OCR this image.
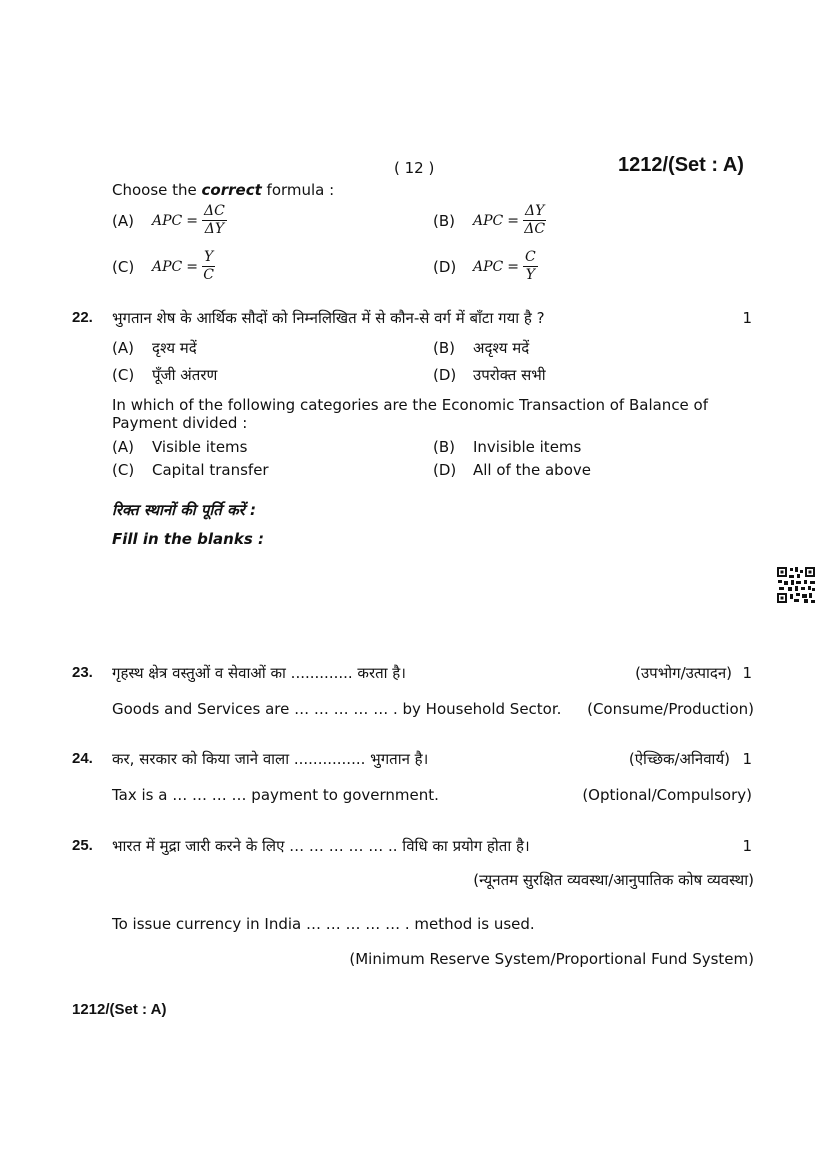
( 12 )	1212/(Set : A)
Choose the correct formula :
(A)	APC = $\frac{\Delta C}{\Delta Y}$	(B)	APC = $\frac{\Delta Y}{\Delta C}$
(C)	APC = $\frac{Y}{C}$	(D)	APC = $\frac{C}{Y}$
22. भुगतान शेष के आर्थिक सौदों को निम्नलिखित में से कौन-से वर्ग में बाँटा गया है ?	1
(A)	दृश्य मदें	(B)	अदृश्य मदें
(C)	पूँजी अंतरण	(D)	उपरोक्त सभी
In which of the following categories are the Economic Transaction of Balance of
Payment divided :
(A)	Visible items	(B)	Invisible items
(C)	Capital transfer	(D)	All of the above
रिक्त स्थानों की पूर्ति करें :
Fill in the blanks :
23. गृहस्थ क्षेत्र वस्तुओं व सेवाओं का ............. करता है।	(उपभोग/उत्पादन) 1
Goods and Services are … … … … … . by Household Sector. (Consume/Production)
24. कर, सरकार को किया जाने वाला ............... भुगतान है।	(ऐच्छिक/अनिवार्य) 1
Tax is a … … … … payment to government.	(Optional/Compulsory)
25. भारत में मुद्रा जारी करने के लिए … … … … … .. विधि का प्रयोग होता है।	1
(न्यूनतम सुरक्षित व्यवस्था/आनुपातिक कोष व्यवस्था)
To issue currency in India … … … … … . method is used.
(Minimum Reserve System/Proportional Fund System)
1212/(Set : A)
